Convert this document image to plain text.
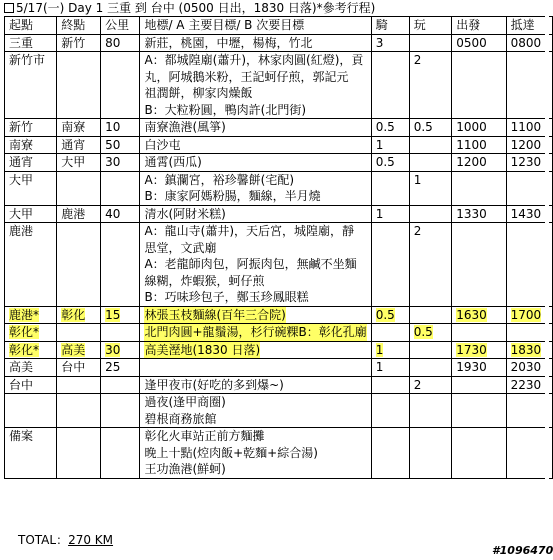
5/17(一) Day 1 三重 到 台中 (0500 日出，1830 日落)*參考行程)
起點	終點	公里	地標/ A 主要目標/ B 次要目標	騎	玩	出發	抵達
三重	新竹	80	新莊，桃園，中壢，楊梅，竹北	3		0500	0800
新竹市			A：都城隍廟(蕭升)，林家肉圓(紅燈)，貢
丸，阿城鵝米粉，王記蚵仔煎，郭記元
祖潤餅，柳家肉燥飯
B：大粒粉圓，鴨肉許(北門街)		2		
新竹	南寮	10	南寮漁港(風箏)	0.5	0.5	1000	1100
南寮	通宵	50	白沙屯	1		1100	1200
通宵	大甲	30	通霄(西瓜)	0.5		1200	1230
大甲			A：鎮瀾宮，裕珍馨餅(宅配)
B：康家阿媽粉腸，麵線，半月燒		1		
大甲	鹿港	40	清水(阿財米糕)	1		1330	1430
鹿港			A：龍山寺(蕭井)，天后宮，城隍廟，靜
思堂，文武廟
A：老龍師肉包，阿振肉包，無鹹不坐麵
線糊，炸蝦猴，蚵仔煎
B：巧味珍包子，鄭玉珍鳳眼糕		2		
鹿港*	彰化	15	林張玉枝麵線(百年三合院)	0.5		1630	1700
彰化*			北門肉圓+龍鬚湯，杉行碗粿B：彰化孔廟		0.5		
彰化*	高美	30	高美溼地(1830 日落)	1		1730	1830
高美	台中	25		1		1930	2030
台中			逢甲夜市(好吃的多到爆~)		2		2230

			過夜(逢甲商圈)
碧根商務旅館				

備案			彰化火車站正前方麵攤
晚上十點(焢肉飯+乾麵+綜合湯)
王功漁港(鮮蚵)				

TOTAL：270 KM
#1096470
